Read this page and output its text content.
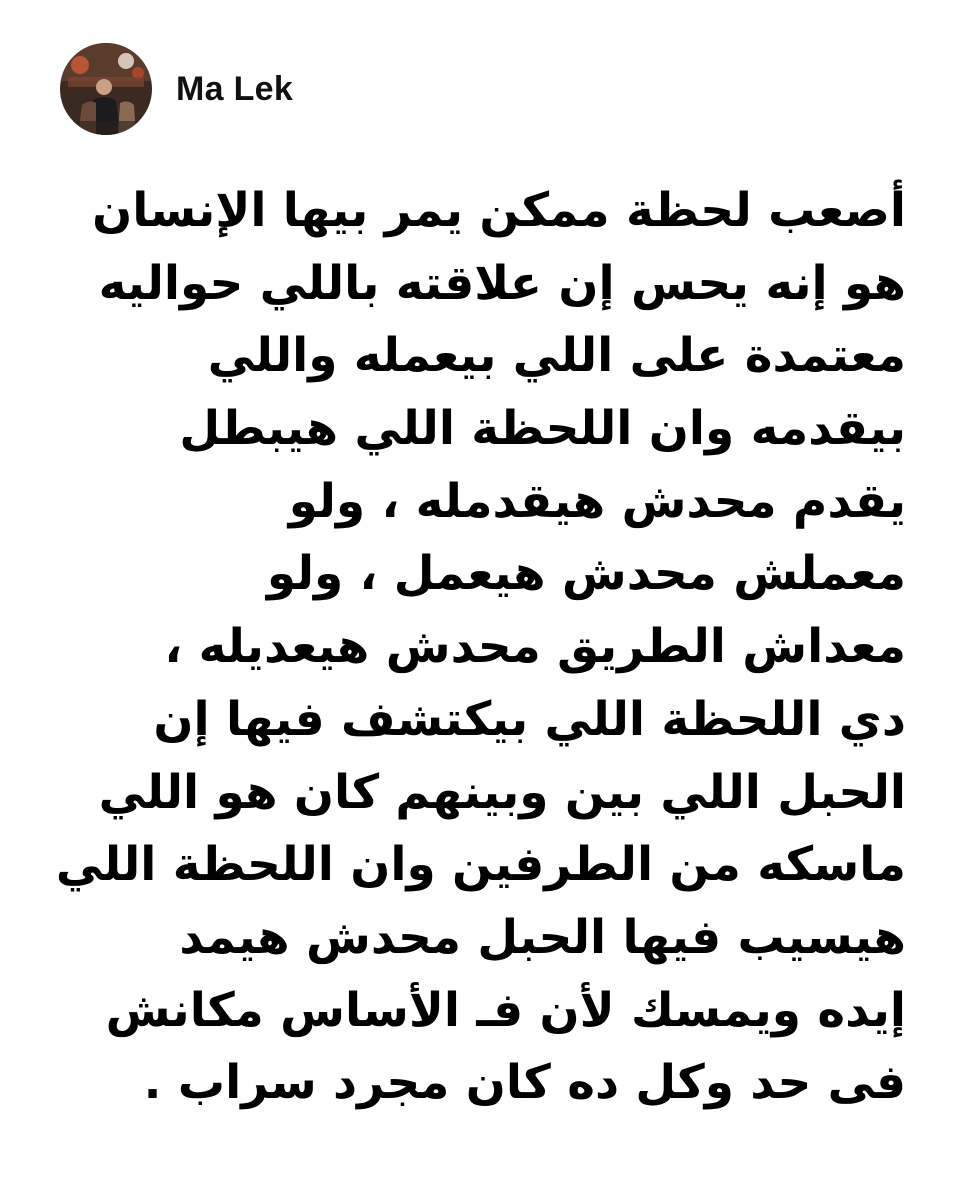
Ma Lek
أصعب لحظة ممكن يمر بيها الإنسان
هو إنه يحس إن علاقته باللي حواليه
معتمدة على اللي بيعمله واللي
بيقدمه وان اللحظة اللي هيبطل
يقدم محدش هيقدمله ، ولو
معملش محدش هيعمل ، ولو
معداش الطريق محدش هيعديله ،
دي اللحظة اللي بيكتشف فيها إن
الحبل اللي بين وبينهم كان هو اللي
ماسكه من الطرفين وان اللحظة اللي
هيسيب فيها الحبل محدش هيمد
إيده ويمسك لأن فـ الأساس مكانش
فى حد وكل ده كان مجرد سراب .
